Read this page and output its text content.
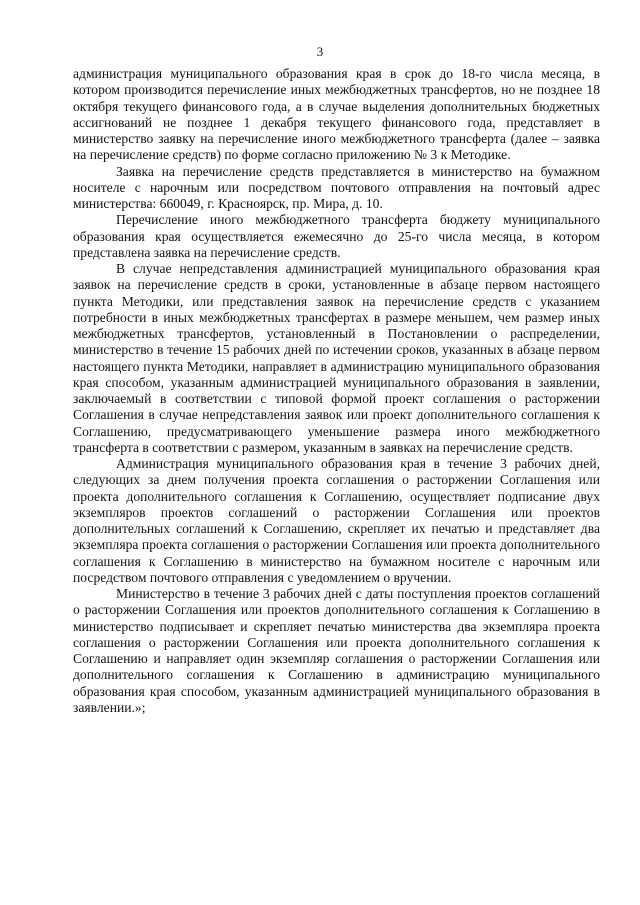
3

администрация муниципального образования края в срок до 18-го числа месяца, в котором производится перечисление иных межбюджетных трансфертов, но не позднее 18 октября текущего финансового года, а в случае выделения дополнительных бюджетных ассигнований не позднее 1 декабря текущего финансового года, представляет в министерство заявку на перечисление иного межбюджетного трансферта (далее – заявка на перечисление средств) по форме согласно приложению № 3 к Методике.

Заявка на перечисление средств представляется в министерство на бумажном носителе с нарочным или посредством почтового отправления на почтовый адрес министерства: 660049, г. Красноярск, пр. Мира, д. 10.

Перечисление иного межбюджетного трансферта бюджету муниципального образования края осуществляется ежемесячно до 25-го числа месяца, в котором представлена заявка на перечисление средств.

В случае непредставления администрацией муниципального образования края заявок на перечисление средств в сроки, установленные в абзаце первом настоящего пункта Методики, или представления заявок на перечисление средств с указанием потребности в иных межбюджетных трансфертах в размере меньшем, чем размер иных межбюджетных трансфертов, установленный в Постановлении о распределении, министерство в течение 15 рабочих дней по истечении сроков, указанных в абзаце первом настоящего пункта Методики, направляет в администрацию муниципального образования края способом, указанным администрацией муниципального образования в заявлении, заключаемый в соответствии с типовой формой проект соглашения о расторжении Соглашения в случае непредставления заявок или проект дополнительного соглашения к Соглашению, предусматривающего уменьшение размера иного межбюджетного трансферта в соответствии с размером, указанным в заявках на перечисление средств.

Администрация муниципального образования края в течение 3 рабочих дней, следующих за днем получения проекта соглашения о расторжении Соглашения или проекта дополнительного соглашения к Соглашению, осуществляет подписание двух экземпляров проектов соглашений о расторжении Соглашения или проектов дополнительных соглашений к Соглашению, скрепляет их печатью и представляет два экземпляра проекта соглашения о расторжении Соглашения или проекта дополнительного соглашения к Соглашению в министерство на бумажном носителе с нарочным или посредством почтового отправления с уведомлением о вручении.

Министерство в течение 3 рабочих дней с даты поступления проектов соглашений о расторжении Соглашения или проектов дополнительного соглашения к Соглашению в министерство подписывает и скрепляет печатью министерства два экземпляра проекта соглашения о расторжении Соглашения или проекта дополнительного соглашения к Соглашению и направляет один экземпляр соглашения о расторжении Соглашения или дополнительного соглашения к Соглашению в администрацию муниципального образования края способом, указанным администрацией муниципального образования в заявлении.»;
